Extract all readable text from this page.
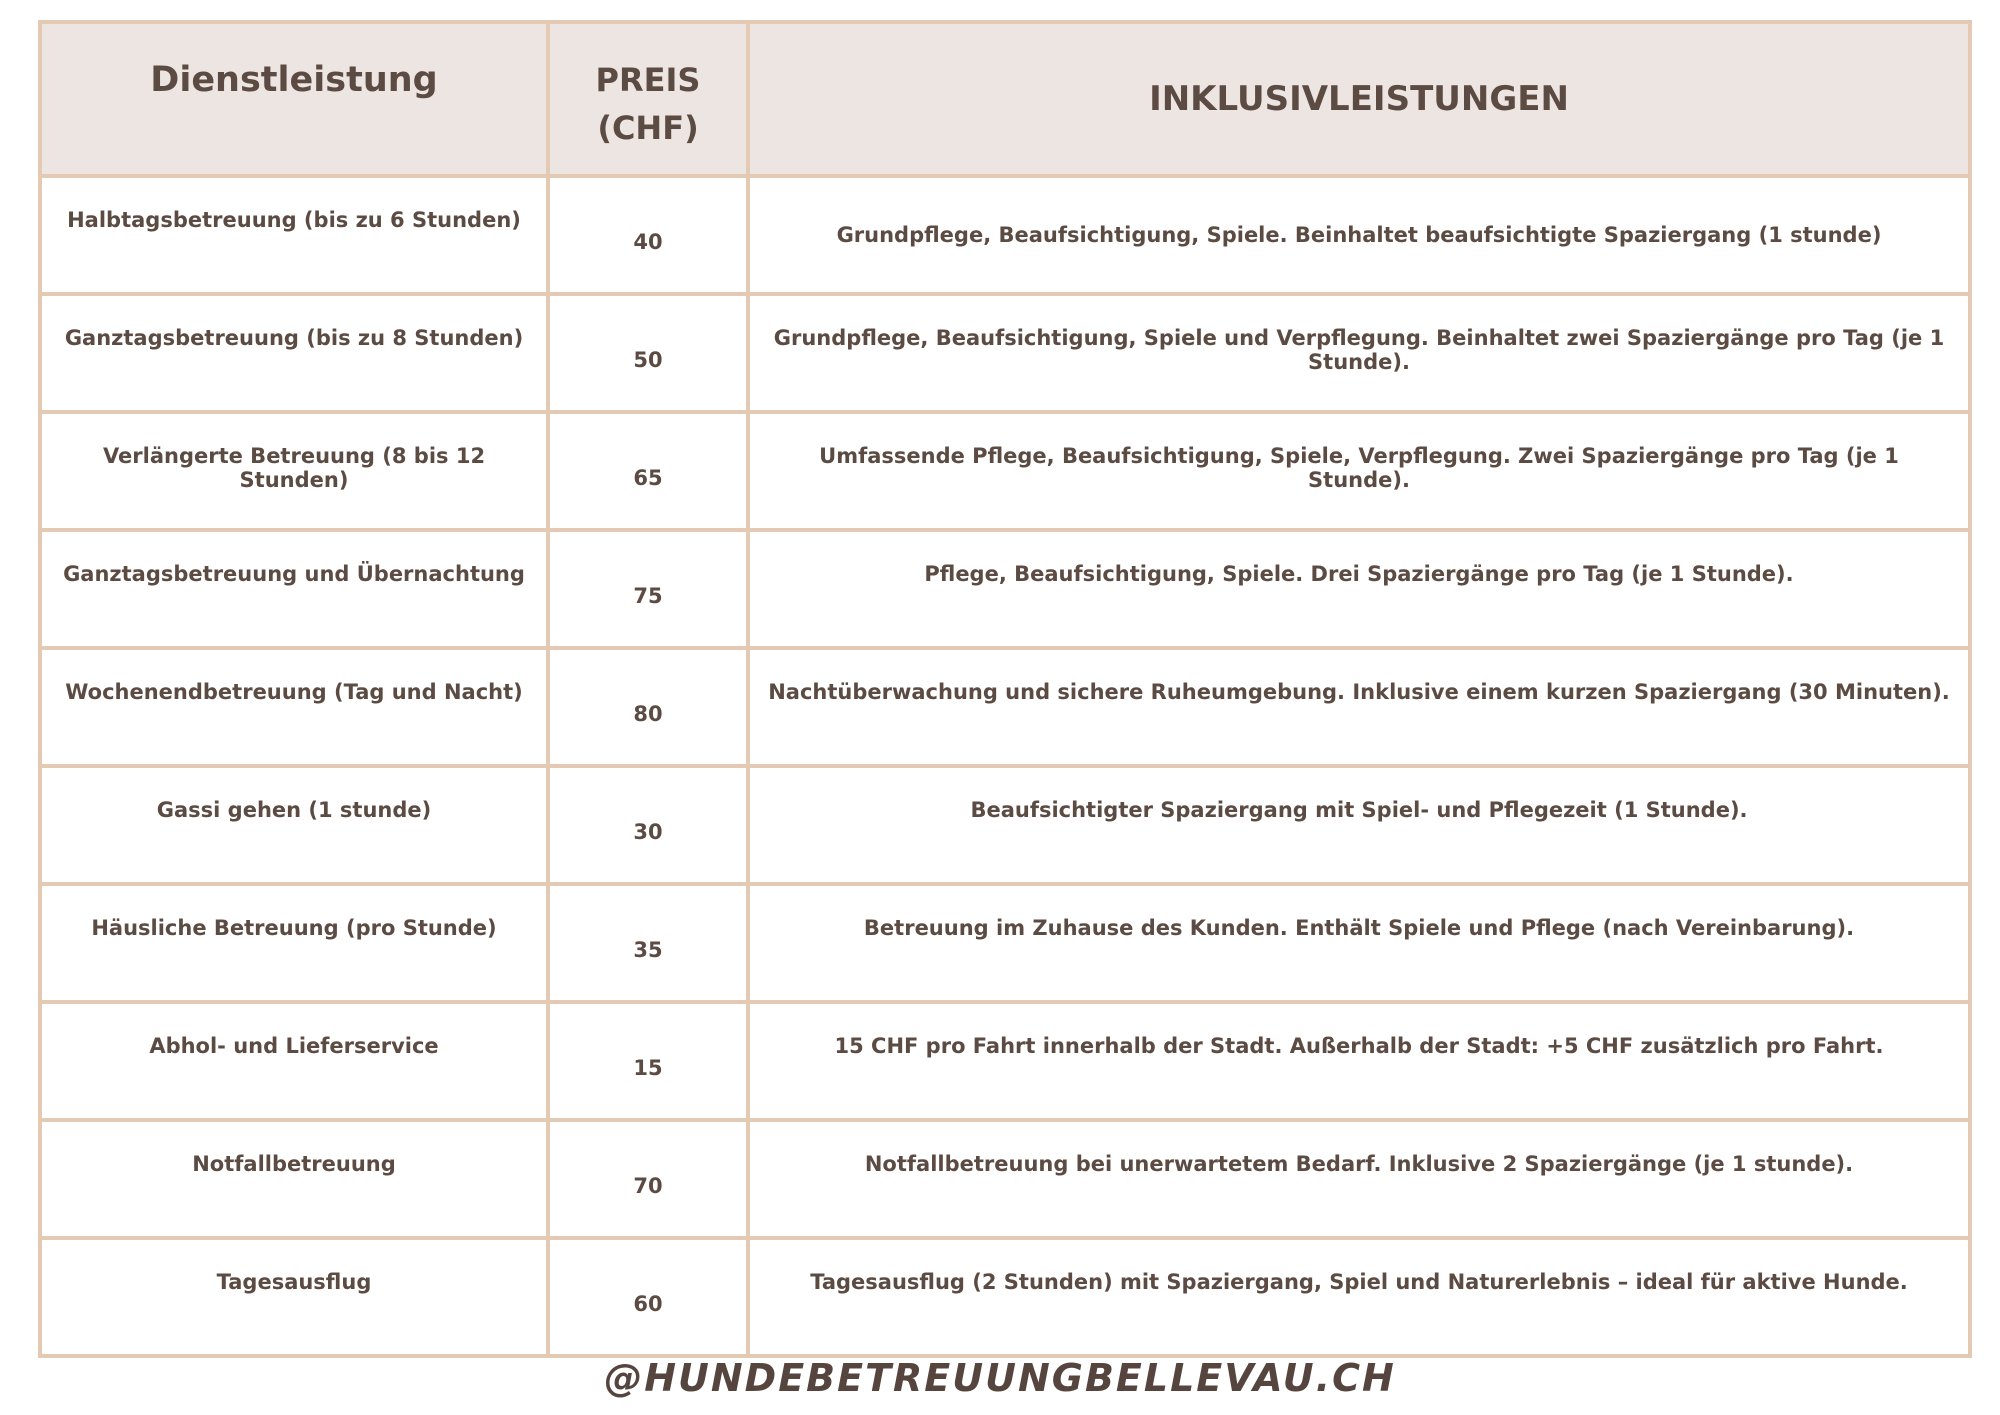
Dienstleistung	PREIS (CHF)	INKLUSIVLEISTUNGEN
Halbtagsbetreuung (bis zu 6 Stunden)	40	Grundpflege, Beaufsichtigung, Spiele. Beinhaltet beaufsichtigte Spaziergang (1 stunde)
Ganztagsbetreuung (bis zu 8 Stunden)	50	Grundpflege, Beaufsichtigung, Spiele und Verpflegung. Beinhaltet zwei Spaziergänge pro Tag (je 1 Stunde).
Verlängerte Betreuung (8 bis 12 Stunden)	65	Umfassende Pflege, Beaufsichtigung, Spiele, Verpflegung. Zwei Spaziergänge pro Tag (je 1 Stunde).
Ganztagsbetreuung und Übernachtung	75	Pflege, Beaufsichtigung, Spiele. Drei Spaziergänge pro Tag (je 1 Stunde).
Wochenendbetreuung (Tag und Nacht)	80	Nachtüberwachung und sichere Ruheumgebung. Inklusive einem kurzen Spaziergang (30 Minuten).
Gassi gehen (1 stunde)	30	Beaufsichtigter Spaziergang mit Spiel- und Pflegezeit (1 Stunde).
Häusliche Betreuung (pro Stunde)	35	Betreuung im Zuhause des Kunden. Enthält Spiele und Pflege (nach Vereinbarung).
Abhol- und Lieferservice	15	15 CHF pro Fahrt innerhalb der Stadt. Außerhalb der Stadt: +5 CHF zusätzlich pro Fahrt.
Notfallbetreuung	70	Notfallbetreuung bei unerwartetem Bedarf. Inklusive 2 Spaziergänge (je 1 stunde).
Tagesausflug	60	Tagesausflug (2 Stunden) mit Spaziergang, Spiel und Naturerlebnis – ideal für aktive Hunde.
@HUNDEBETREUUNGBELLEVAU.CH
